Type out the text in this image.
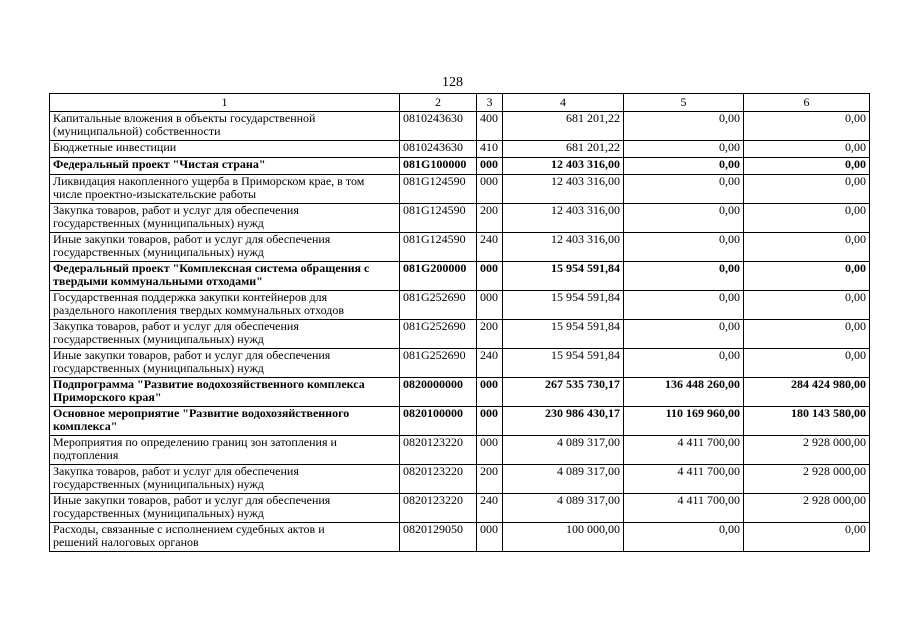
128
1	2	3	4	5	6

Капитальные вложения в объекты государственной
(муниципальной) собственности	0810243630	400	681 201,22	0,00	0,00

Бюджетные инвестиции	0810243630	410	681 201,22	0,00	0,00

Федеральный проект "Чистая страна"	081G100000	000	12 403 316,00	0,00	0,00

Ликвидация накопленного ущерба в Приморском крае, в том
числе проектно-изыскательские работы	081G124590	000	12 403 316,00	0,00	0,00

Закупка товаров, работ и услуг для обеспечения
государственных (муниципальных) нужд	081G124590	200	12 403 316,00	0,00	0,00

Иные закупки товаров, работ и услуг для обеспечения
государственных (муниципальных) нужд	081G124590	240	12 403 316,00	0,00	0,00

Федеральный проект "Комплексная система обращения с
твердыми коммунальными отходами"	081G200000	000	15 954 591,84	0,00	0,00

Государственная поддержка закупки контейнеров для
раздельного накопления твердых коммунальных отходов	081G252690	000	15 954 591,84	0,00	0,00

Закупка товаров, работ и услуг для обеспечения
государственных (муниципальных) нужд	081G252690	200	15 954 591,84	0,00	0,00

Иные закупки товаров, работ и услуг для обеспечения
государственных (муниципальных) нужд	081G252690	240	15 954 591,84	0,00	0,00

Подпрограмма "Развитие водохозяйственного комплекса
Приморского края"	0820000000	000	267 535 730,17	136 448 260,00	284 424 980,00

Основное мероприятие "Развитие водохозяйственного
комплекса"	0820100000	000	230 986 430,17	110 169 960,00	180 143 580,00

Мероприятия по определению границ зон затопления и
подтопления	0820123220	000	4 089 317,00	4 411 700,00	2 928 000,00

Закупка товаров, работ и услуг для обеспечения
государственных (муниципальных) нужд	0820123220	200	4 089 317,00	4 411 700,00	2 928 000,00

Иные закупки товаров, работ и услуг для обеспечения
государственных (муниципальных) нужд	0820123220	240	4 089 317,00	4 411 700,00	2 928 000,00

Расходы, связанные с исполнением судебных актов и
решений налоговых органов	0820129050	000	100 000,00	0,00	0,00
